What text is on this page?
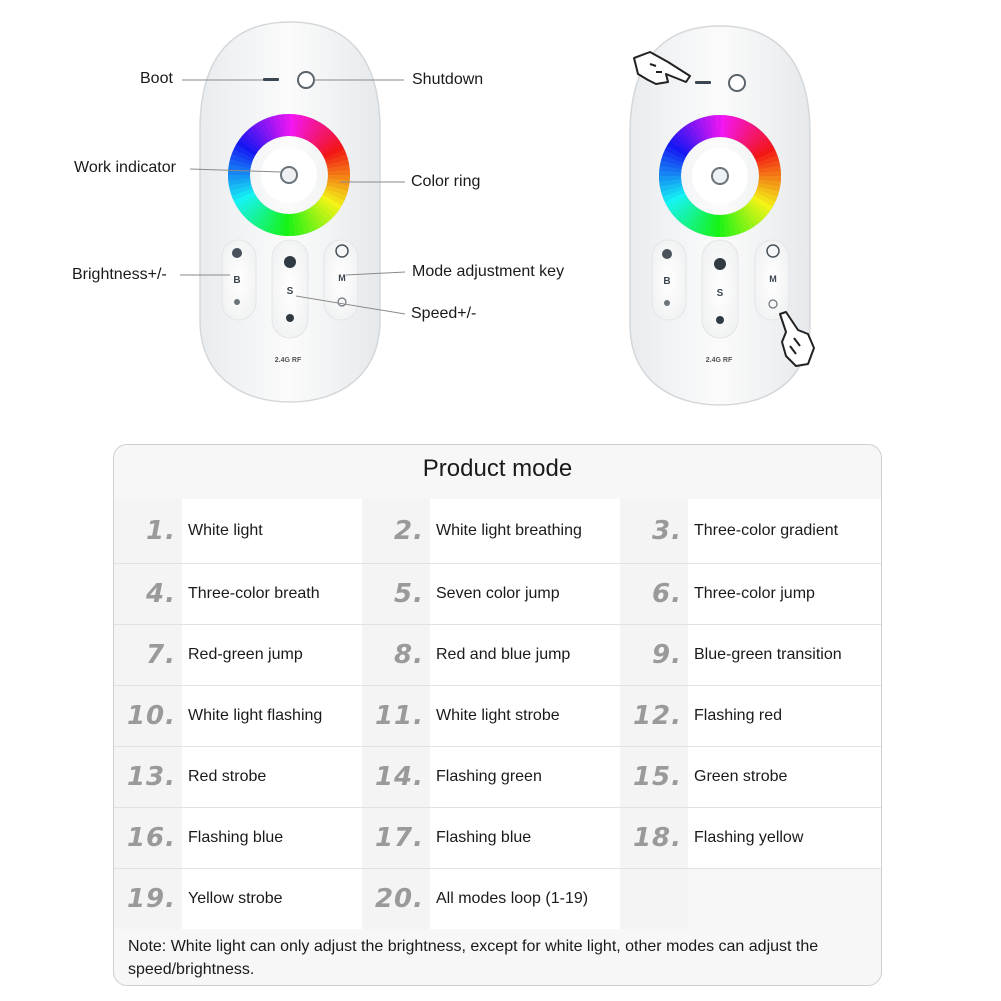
B
S
M
2.4G RF
B
S
M
2.4G RF
Boot	Shutdown
Work indicator
Color ring
Brightness+/-	Mode adjustment key
Speed+/-
Product mode
1. White light	2. White light breathing	3. Three-color gradient
4. Three-color breath	5. Seven color jump	6. Three-color jump
7. Red-green jump	8. Red and blue jump	9. Blue-green transition
10. White light flashing	11. White light strobe	12. Flashing red
13. Red strobe	14. Flashing green	15. Green strobe
16. Flashing blue	17. Flashing blue	18. Flashing yellow
19. Yellow strobe	20. All modes loop (1-19)
Note: White light can only adjust the brightness, except for white light, other modes can adjust the speed/brightness.
